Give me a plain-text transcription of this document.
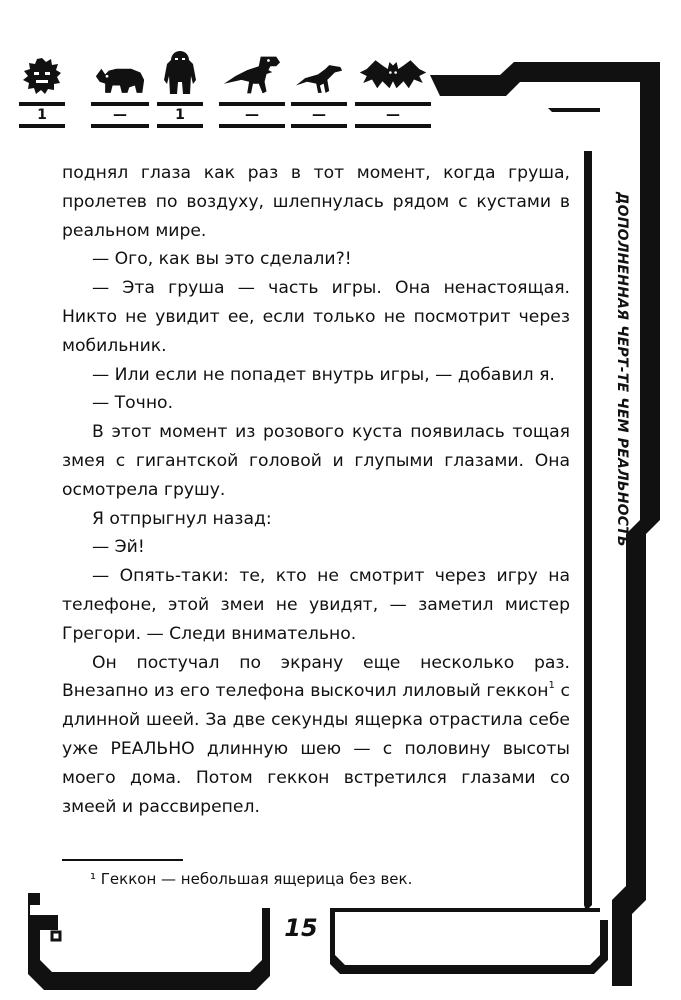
1	—	1	—	—	—
ДОПОЛНЕННАЯ ЧЕРТ-ТЕ ЧЕМ РЕАЛЬНОСТЬ

поднял глаза как раз в тот момент, когда груша, пролетев по воздуху, шлепнулась рядом с кустами в реальном мире.

— Ого, как вы это сделали?!

— Эта груша — часть игры. Она ненастоящая. Никто не увидит ее, если только не посмотрит через мобильник.

— Или если не попадет внутрь игры, — добавил я.

— Точно.

В этот момент из розового куста появилась тощая змея с гигантской головой и глупыми глазами. Она осмотрела грушу.

Я отпрыгнул назад:

— Эй!

— Опять-таки: те, кто не смотрит через игру на телефоне, этой змеи не увидят, — заметил мистер Грегори. — Следи внимательно.

Он постучал по экрану еще несколько раз. Внезапно из его телефона выскочил лиловый геккон$^1$ с длинной шеей. За две секунды ящерка отрастила себе уже РЕАЛЬНО длинную шею — с половину высоты моего дома. Потом геккон встретился глазами со змеей и рассвирепел.

¹ Геккон — небольшая ящерица без век.
15
